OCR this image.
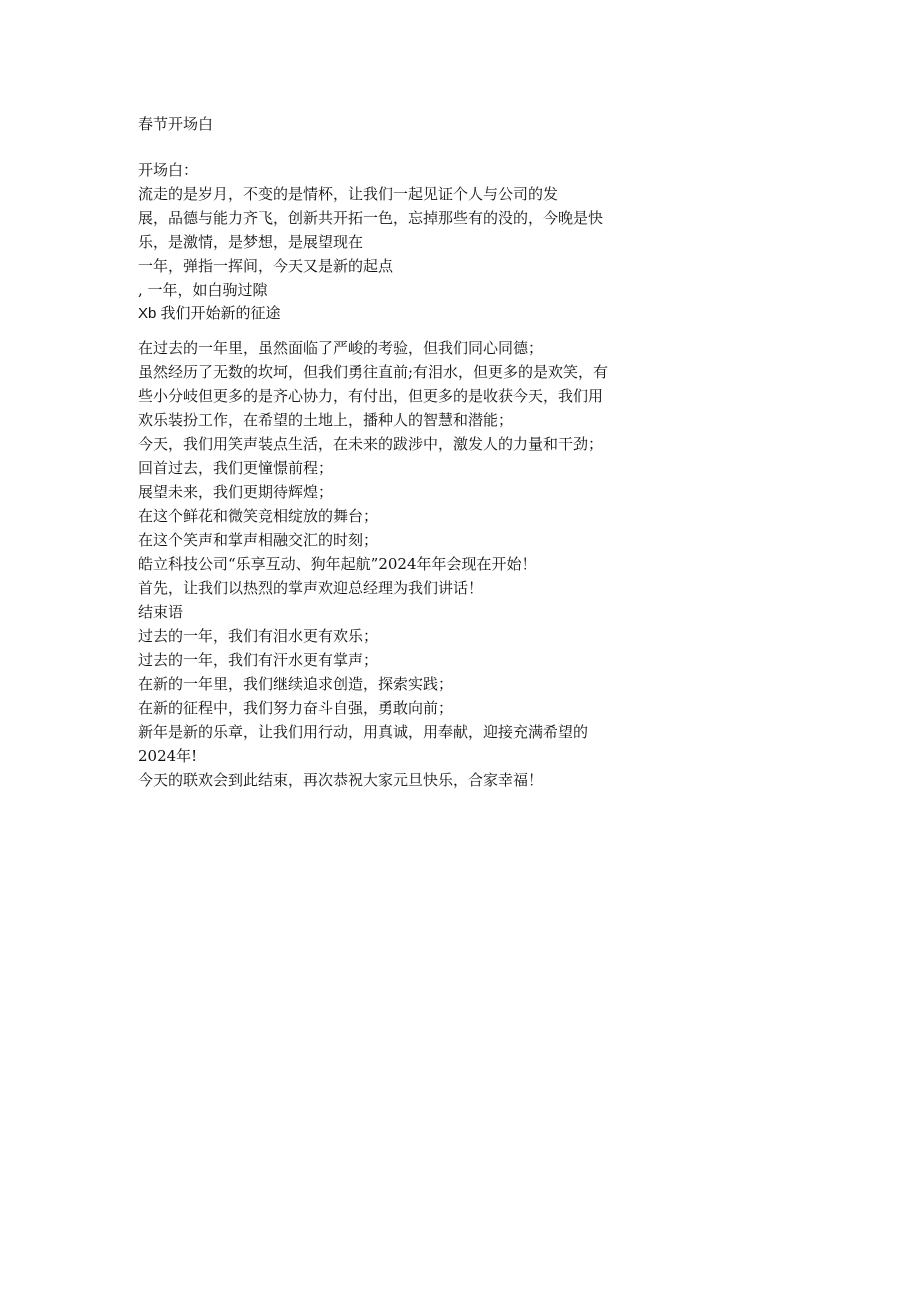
春节开场白
开场白：
流走的是岁月，不变的是情杯，让我们一起见证个人与公司的发
展，品德与能力齐飞，创新共开拓一色，忘掉那些有的没的，今晚是快
乐，是激情，是梦想，是展望现在
一年，弹指一挥间，今天又是新的起点
, 一年，如白驹过隙
Xb 我们开始新的征途
在过去的一年里，虽然面临了严峻的考验，但我们同心同德；
虽然经历了无数的坎坷，但我们勇往直前;有泪水，但更多的是欢笑，有
些小分岐但更多的是齐心协力，有付出，但更多的是收获今天，我们用
欢乐装扮工作，在希望的土地上，播种人的智慧和潜能；
今天，我们用笑声装点生活，在未来的跋涉中，激发人的力量和干劲；
回首过去，我们更憧憬前程；
展望未来，我们更期待辉煌；
在这个鲜花和微笑竞相绽放的舞台；
在这个笑声和掌声相融交汇的时刻；
皓立科技公司“乐享互动、狗年起航”2024年年会现在开始！
首先，让我们以热烈的掌声欢迎总经理为我们讲话！
结束语
过去的一年，我们有泪水更有欢乐；
过去的一年，我们有汗水更有掌声；
在新的一年里，我们继续追求创造，探索实践；
在新的征程中，我们努力奋斗自强，勇敢向前；
新年是新的乐章，让我们用行动，用真诚，用奉献，迎接充满希望的
2024年!
今天的联欢会到此结束，再次恭祝大家元旦快乐，合家幸福！
